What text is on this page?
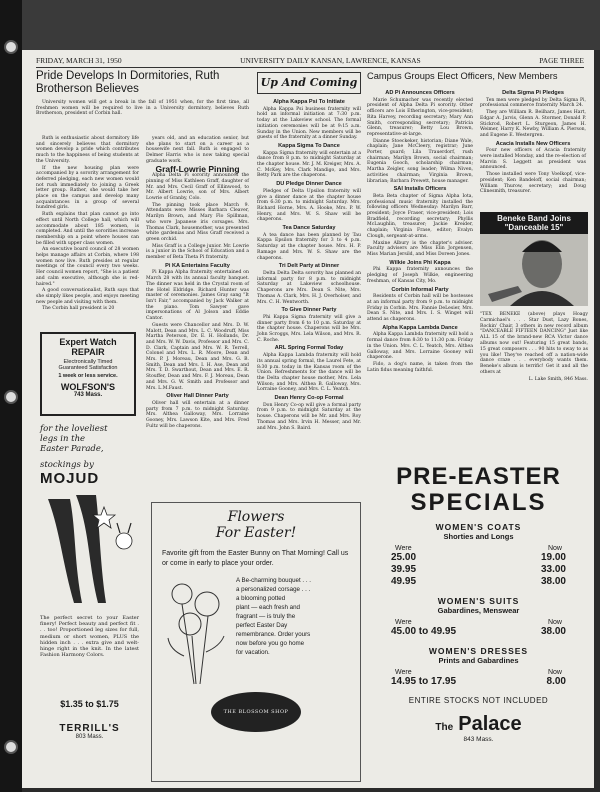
FRIDAY, MARCH 31, 1950	UNIVERSITY DAILY KANSAN, LAWRENCE, KANSAS	PAGE THREE
Pride Develops In Dormitories, Ruth Brotherson Believes

University women will get a break in the fall of 1951 when, for the first time, all freshmen women will be required to live in a University dormitory, believes Ruth Brotherson, president of Corbin hall.

Ruth is enthusiastic about dormitory life and sincerely believes that dormitory women develop a pride which contributes much to the happiness of being students at the University.

If the new housing plan were accompanied by a sorority arrangement for deferred pledging, each new women would not rush immediately to joining a Greek letter group. Rather, she would take her place on the campus and develop many acquaintances in a group of several hundred girls.

Ruth explains that plan cannot go into effect until North College hall, which will accommodate about 185 women, is completed. And until the sororities increase membership on a point where houses can be filled with upper class women.

An executive board council of 28 women helps manage affairs at Corbin, where 198 women now live. Ruth presides at regular meetings of the council every two weeks. Her council women report, "She is a patient and calm executive, although she is red-haired."

A good conversationalist, Ruth says that she simply likes people, and enjoys meeting new people and visiting with them.

The Corbin hall president is 20

years old, and an education senior, but she plans to start on a career as a housewife next fall. Ruth is engaged to Delmer Harris who is now taking special graduate work.

Graff-Lowrie Pinning

Alpha Delta Pi sorority announces the pinning of Miss Kathleen Graff, daughter of Mr. and Mrs. Cecil Graff of Ellinwood, to Mr. Albert Lowrie, son of Mrs. Albert Lowrie of Granby, Colo.

The pinning took place March 9. Attendants were Misses Barbara Cleaver, Marilyn Brown, and Mary Flo Spillman, who wore Japanese iris corsages. Mrs. Thomas Clark, housemother, was presented white gardenias and Miss Graff received a green orchid.

Miss Graff is a College junior. Mr. Lowrie is a junior in the School of Education and a member of Beta Theta Pi fraternity.

Pi KA Entertains Faculty

Pi Kappa Alpha fraternity entertained on March 28 with its annual faculty banquet. The dinner was held in the Crystal room of the Hotel Eldridge. Richard Hunter was master of ceremonies. James Gray sang "It Isn't Fair," accompanied by Jack Walker at the piano. Tom Sawyer gave impersonations of Al Jolson and Eddie Cantor.

Guests were Chancellor and Mrs. D. W. Malott, Dean and Mrs. L. C. Woodruff, Miss Martha Peterson, Dr. E. H. Hollands, Dr. and Mrs. W. W. Davis, Professor and Mrs. C. D. Clark, Captain and Mrs. W. R. Terrell, Colonel and Mrs. L. R. Moore, Dean and Mrs. P. J. Moreau, Dean and Mrs. G. B. Smith, Dean and Mrs. I. H. Ase, Dean and Mrs. T. D. Swarthout, Dean and Mrs. E. R. Stouffer, Dean and Mrs. F. J. Moreau, Dean and Mrs. G. W. Smith and Professor and Mrs. L.M.Faust.

Oliver Hall Dinner Party

Oliver hall will entertain at a dinner party from 7 p.m. to midnight Saturday. Mrs. Althea Galloway, Mrs. Lorraine Gooney, Mrs. Lawson Kite, and Mrs. Fred Fultz will be chaperons.

Expert Watch
REPAIR
Electronically Timed
Guaranteed Satisfaction
1 week or less service.
WOLFSON'S
743 Mass.
for the loveliest
legs in the
Easter Parade,
stockings by
MOJUD

The perfect secret to your Easter finery! Perfect beauty and perfect fit . . . too! Proportioned leg sizes for full, medium or short women, PLUS the hidden inch . . . extra give and welt-hinge right in the knit. In the latest Fashion Harmony Colors.

$1.35 to $1.75
TERRILL'S
803 Mass.
Up And Coming
Alpha Kappa Psi To Initiate

Alpha Kappa Psi business fraternity will hold an informal initiation at 7:30 p.m. today at the Lakeview school. The formal initiation ceremonies will be at 9:15 a.m. Sunday in the Union. New members will be guests of the fraternity at a dinner Sunday.

Kappa Sigma To Dance

Kappa Sigma fraternity will entertain at a dance from 8 p.m. to midnight Saturday at the chapter house. Mr. J. M. Kreiger, Mrs. A. C. McKey, Mrs. Clark Mandigo, and Mrs. Betty Park are the chaperons.

DU Pledge Dinner Dance

Pledges of Delta Upsilon fraternity will give a dinner dance at the chapter house from 6:30 p.m. to midnight Saturday. Mrs. Richard Horne, Mrs. A. Hooke, Mrs. P. W. Henry, and Mrs. W. S. Shaw will be chaperons.

Tea Dance Saturday

A tea dance has been planned by Tau Kappa Epsilon fraternity for 3 to 4 p.m. Saturday at the chapter house. Mrs. H. P. Ramage and Mrs. W. S. Shaw are the chaperons.

Tri Delt Party at Dinner

Delta Delta Delta sorority has planned an informal party for 8 p.m. to midnight Saturday at Lakeview schoolhouse. Chaperons are Mrs. Dean S. Nite, Mrs. Thomas A. Clark, Mrs. H. J. Overholser, and Mrs. C. H. Wentworth.

To Give Dinner Party

Phi Kappa Sigma fraternity will give a dinner party from 6 to 10 p.m. Saturday at the chapter house. Chaperons will be Mrs. John Scroggs, Mrs. Lela Wilson, and Mrs. R. C. Roche.

ARL Spring Formal Today

Alpha Kappa Lambda fraternity will hold its annual spring formal, the Laurel Fete, at 8:30 p.m. today in the Kansas room of the Union. Refreshments for the dance will be the Delta chapter house mother, Mrs. Lela Wilson; and Mrs. Althea B. Galloway, Mrs. Lorraine Gooney, and Mrs. C. L. Yeatch.

Dean Henry Co-op Formal

Don Henry Co-op will give a formal party from 9 p.m. to midnight Saturday at the house. Chaperons will be Mr. and Mrs. Roy Thomas and Mrs. Irvin H. Messer, and Mr. and Mrs. John S. Baird.

Flowers
For Easter!
Favorite gift from the Easter Bunny on That Morning! Call us or come in early to place your order.
A Be-charming bouquet . . .
a personalized corsage . . .
a blooming potted
plant — each fresh and
fragrant — is truly the
perfect Easter Day
remembrance. Order yours
now before you go home
for vacation.
THE BLOSSOM SHOP
Campus Groups Elect Officers, New Members
AD Pi Announces Officers

Marie Schumacher was recently elected president of Alpha Delta Pi sorority. Other officers are Lois Etherington, vice-president; Rita Harvey, recording secretary; Mary Ann Smith, corresponding secretary; Patricia Glenn, treasurer; Betty Lou Brown, representative-at-large.

Dianne Stoeckeker, historian; Diane Wale, chaplain; Jane McCleery, registrar; June Porter, guard; Lila Trauerdorf, rush chairman; Marilyn Brown, social chairman; Eugenia Gooch, scholarship chairman; Martha Zeigler, song leader; Wilma Niven, activities chairman; Virginia Brown, librarian; Barbara Prewett, house manager.

SAI Installs Officers

Beta Beta chapter of Sigma Alpha Iota, professional music fraternity installed the following officers Wednesday: Marilyn Barr, president; Joyce Fraser, vice-president; Lois Bradfield, recording secretary; Phyllis McLaughlin, treasurer; Jackie Kreider, chaplain; Virginia Frase, editor; Evalyn Clough, sergeant-at-arms.

Maxine Albury is the chapter's adviser. Faculty advisers are Miss Elin Jorgensen, Miss Marian Jersild, and Miss Doreen Jones.

Wilkie Joins Phi Kappa

Phi Kappa fraternity announces the pledging of Joseph Wilkie, engineering freshman, of Kansas City, Mo.

Corbin Informal Party

Residents of Corbin hall will be hostesses at an informal party from 9 p.m. to midnight Friday in Corbin. Mrs. Fannie DeLesier, Mrs. Dean S. Nite, and Mrs. I. S. Winget will attend as chaperons.

Alpha Kappa Lambda Dance

Alpha Kappa Lambda fraternity will hold a formal dance from 8:30 to 11:30 p.m. Friday in the Union. Mrs. C. L. Yeatch, Mrs. Althea Galloway, and Mrs. Lorraine Gooney will chaperone.

Fido, a dog's name, is taken from the Latin fidus meaning faithful.

Delta Sigma Pi Pledges

Ten men were pledged by Delta Sigma Pi, professional commerce fraternity March 24.

They are William R. Beilharz, James Hart, Edgar A. Jarvis, Glenn A. Stormer, Donald P. Stickrod, Robert L. Sturgeon, James H. Weimer, Harry K. Newby, William A. Pierson, and Eugene E. Westergren.

Acacia Installs New Officers

Four new officers of Acacia fraternity were installed Monday, and the re-election of Marvin S. Leggett as president was announced.

Those installed were Tony Voelkopf, vice-president; Ken Bandeloff, social chairman; William Thurow, secretary; and Doug Clinesmith, treasurer.

Beneke Band Joins
"Danceable 15"

"TEX BENEKE (above) plays Hoagy Carmichael's . . . Star Dust, Lazy Bones, Rockin' Chair, 3 others in new record album "DANCEABLE FIFTEEN DANCING" Just like ALL 15 of the brand-new RCA Victor dance albums now out! Featuring 15 great bands, 15 great composers . . . 90 hits to sway to as you like! They've reached off a nation-wide dance craze . . . everybody wants them. Beneke's album is terrific! Get it and all the others at

L. Lake Smith, 846 Mass.

PRE-EASTER
SPECIALS
WOMEN'S COATS
Shorties and Longs
Were	Now
25.00	19.00
39.95	33.00
49.95	38.00
WOMEN'S SUITS
Gabardines, Menswear
Were	Now
45.00 to 49.95	38.00
WOMEN'S DRESSES
Prints and Gabardines
Were	Now
14.95 to 17.95	8.00
ENTIRE STOCKS NOT INCLUDED
The Palace
843 Mass.
